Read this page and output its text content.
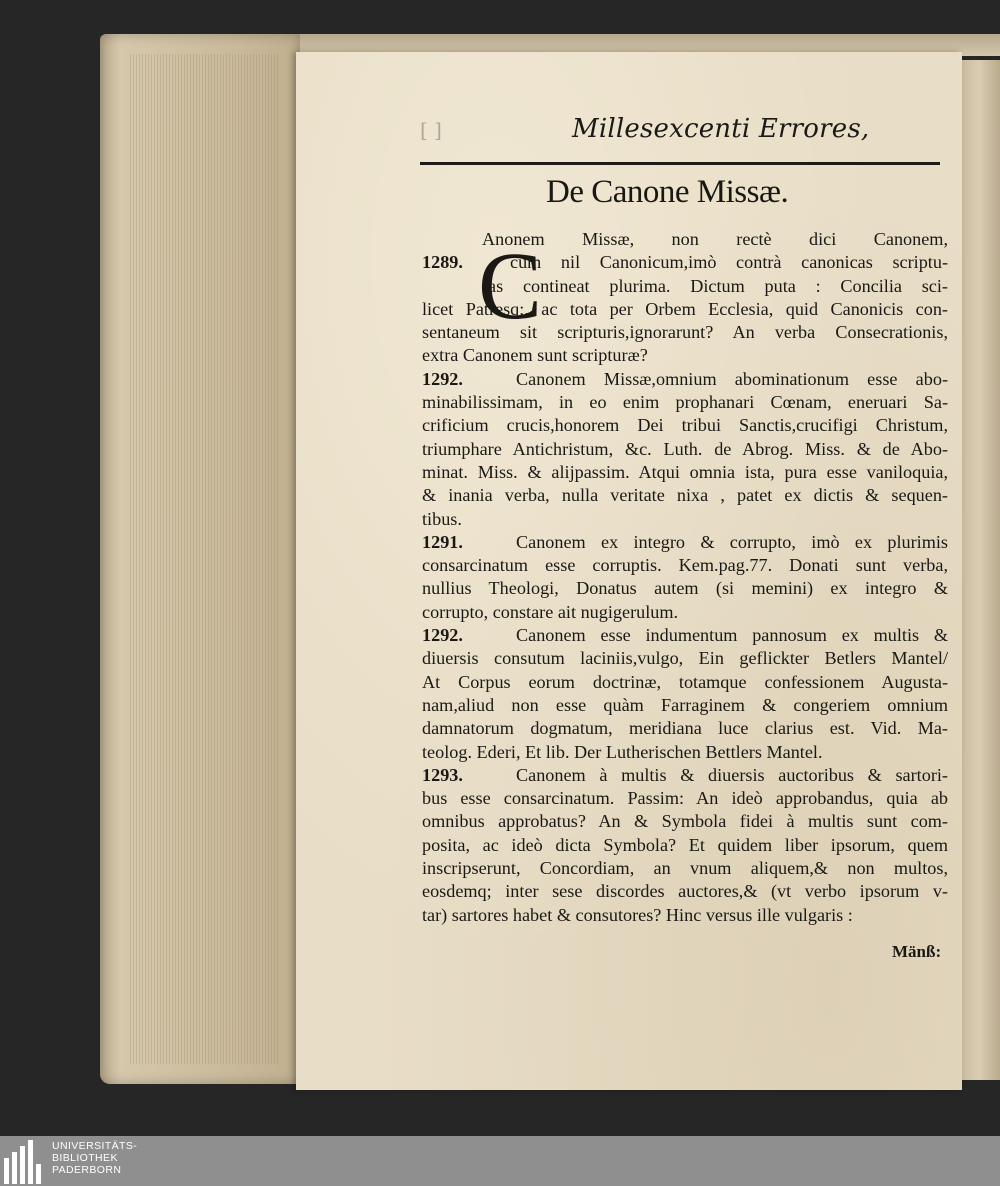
[ ]	Millesexcenti Errores,
De Canone Missæ.
C
Anonem Missæ, non rectè dici Canonem,
1289.	cum nil Canonicum,imò contrà canonicas scriptu-
ras contineat plurima. Dictum puta : Concilia sci-
licet Patresq;, ac tota per Orbem Ecclesia, quid Canonicis con-
sentaneum sit scripturis,ignorarunt? An verba Consecrationis,
extra Canonem sunt scripturæ?
1292.	Canonem Missæ,omnium abominationum esse abo-
minabilissimam, in eo enim prophanari Cœnam, eneruari Sa-
crificium crucis,honorem Dei tribui Sanctis,crucifigi Christum,
triumphare Antichristum, &c. Luth. de Abrog. Miss. & de Abo-
minat. Miss. & alijpassim. Atqui omnia ista, pura esse vaniloquia,
& inania verba, nulla veritate nixa , patet ex dictis & sequen-
tibus.
1291.	Canonem ex integro & corrupto, imò ex plurimis
consarcinatum esse corruptis. Kem.pag.77. Donati sunt verba,
nullius Theologi, Donatus autem (si memini) ex integro &
corrupto, constare ait nugigerulum.
1292.	Canonem esse indumentum pannosum ex multis &
diuersis consutum laciniis,vulgo, Ein geflickter Betlers Mantel/
At Corpus eorum doctrinæ, totamque confessionem Augusta-
nam,aliud non esse quàm Farraginem & congeriem omnium
damnatorum dogmatum, meridiana luce clarius est. Vid. Ma-
teolog. Ederi, Et lib. Der Lutherischen Bettlers Mantel.
1293.	Canonem à multis & diuersis auctoribus & sartori-
bus esse consarcinatum. Passim: An ideò approbandus, quia ab
omnibus approbatus? An & Symbola fidei à multis sunt com-
posita, ac ideò dicta Symbola? Et quidem liber ipsorum, quem
inscripserunt, Concordiam, an vnum aliquem,& non multos,
eosdemq; inter sese discordes auctores,& (vt verbo ipsorum v-
tar) sartores habet & consutores? Hinc versus ille vulgaris :
Mänß:
UNIVERSITÄTS-
BIBLIOTHEK
PADERBORN
